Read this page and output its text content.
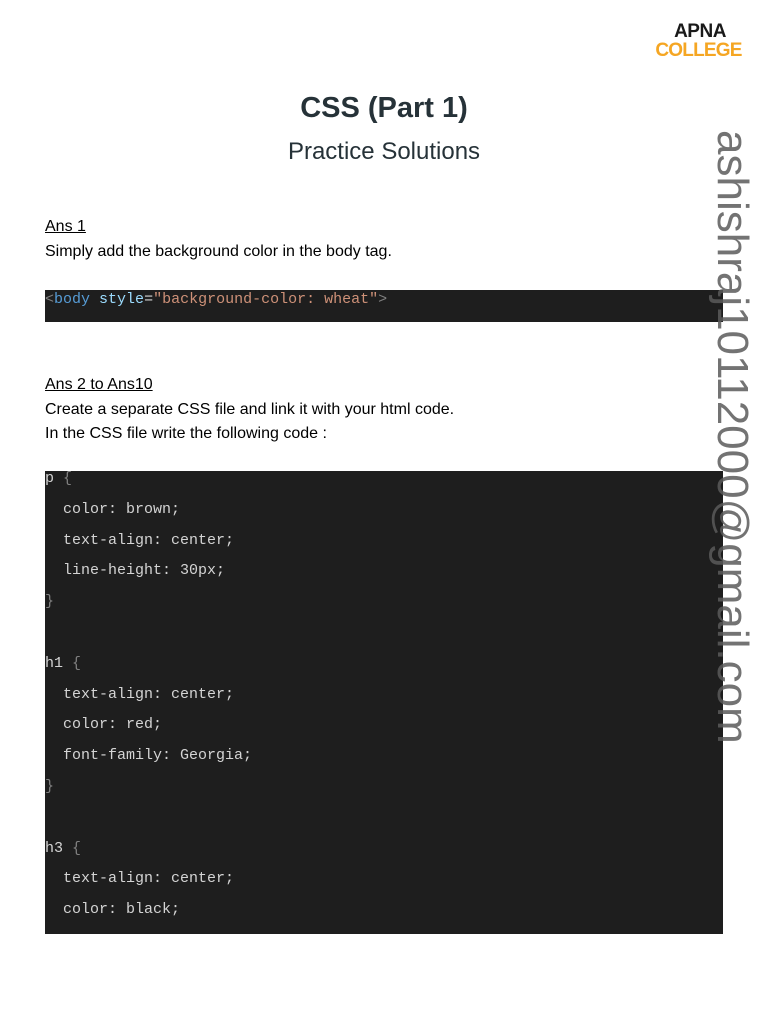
APNA
COLLEGE
CSS (Part 1)
Practice Solutions
Ans 1
Simply add the background color in the body tag.
<body style="background-color: wheat">
Ans 2 to Ans10
Create a separate CSS file and link it with your html code.
In the CSS file write the following code :
p {
color: brown;
text-align: center;
line-height: 30px;
}
h1 {
text-align: center;
color: red;
font-family: Georgia;
}
h3 {
text-align: center;
color: black;
ashishraj10112000@gmail.com
